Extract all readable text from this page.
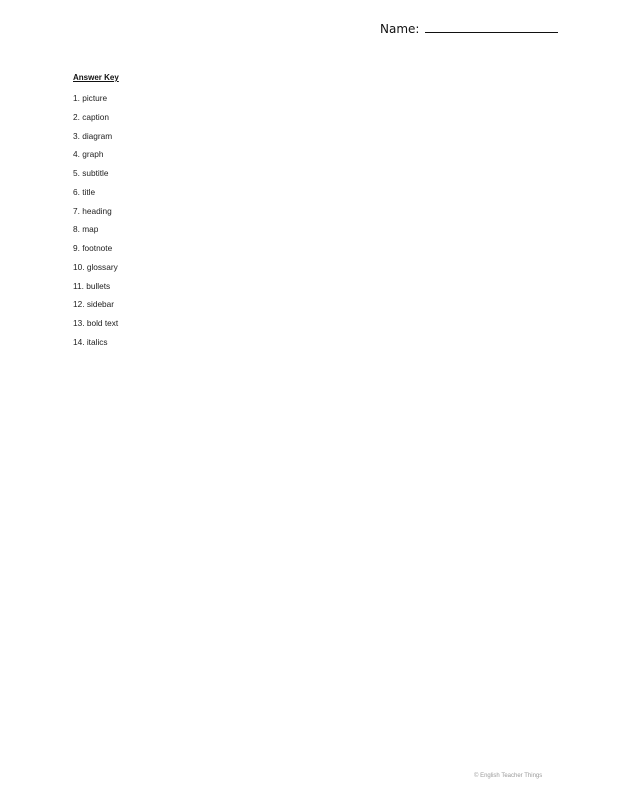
Name:

Answer Key

1. picture
2. caption
3. diagram
4. graph
5. subtitle
6. title
7. heading
8. map
9. footnote
10. glossary
11. bullets
12. sidebar
13. bold text
14. italics
© English Teacher Things
